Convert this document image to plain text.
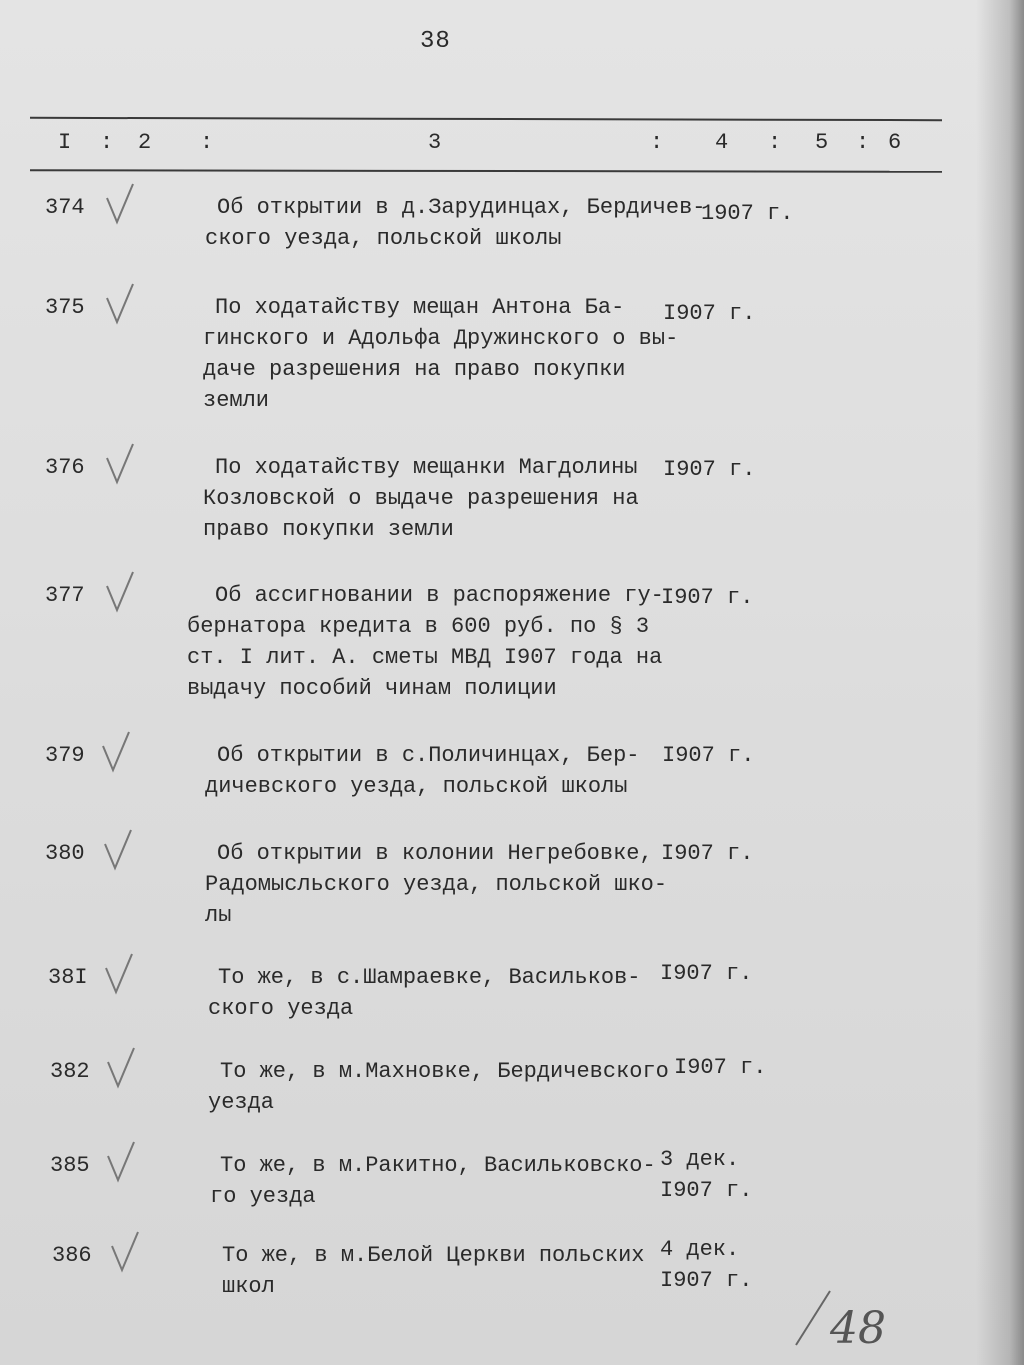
38
I : 2 :	3	: 4 : 5 : 6
374	Об открытии в д.Зарудинцах, Бердичев-
ского уезда, польской школы
1907 г.
375	По ходатайству мещан Антона Ба-
гинского и Адольфа Дружинского о вы-
даче разрешения на право покупки
земли
I907 г.
376	По ходатайству мещанки Магдолины
Козловской о выдаче разрешения на
право покупки земли
I907 г.
377	Об ассигновании в распоряжение гу-
бернатора кредита в 600 руб. по § 3
ст. I лит. А. сметы МВД I907 года на
выдачу пособий чинам полиции
I907 г.
379	Об открытии в с.Поличинцах, Бер-
дичевского уезда, польской школы
I907 г.
380	Об открытии в колонии Негребовке,
Радомысльского уезда, польской шко-
лы
I907 г.
38I	То же, в с.Шамраевке, Васильков-
ского уезда
I907 г.
382	То же, в м.Махновке, Бердичевского
уезда
I907 г.
385	То же, в м.Ракитно, Васильковско-
го уезда
3 дек.
I907 г.
386	То же, в м.Белой Церкви польских
школ
4 дек.
I907 г.
48
